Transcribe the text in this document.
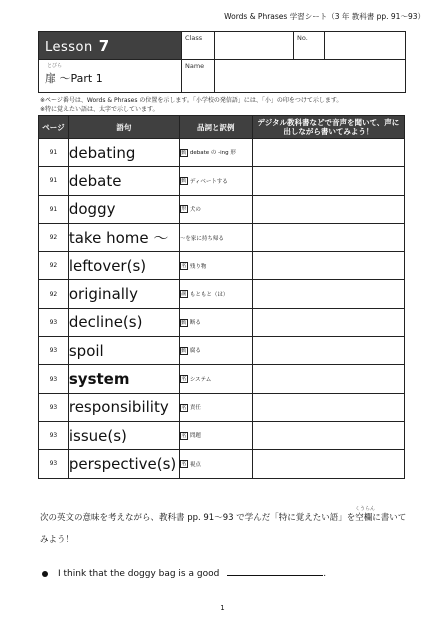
Words & Phrases 学習シート（3 年 教科書 pp. 91～93）
Lesson 7	Class	No.
とびら
扉 ～Part 1
Name
※ページ番号は、Words & Phrases の位置を示します。「小学校の発信語」には、「小」の印をつけて示します。
※特に覚えたい語は、太字で示しています。
ページ	語句	品詞と訳例	デジタル教科書などで音声を聞いて、声に出しながら書いてみよう！
91	debating	動 debate の -ing 形	
91	debate	動 ディベートする	
91	doggy	形 犬の	
92	take home ～	～を家に持ち帰る	
92	leftover(s)	名 残り物	
92	originally	副 もともと（は）	
93	decline(s)	動 断る	
93	spoil	動 腐る	
93	system	名 システム	
93	responsibility	名 責任	
93	issue(s)	名 問題	
93	perspective(s)	名 視点	
くうらん
次の英文の意味を考えながら、教科書 pp. 91～93 で学んだ「特に覚えたい語」を空欄に書いてみよう！
I think that the doggy bag is a good	.
1
